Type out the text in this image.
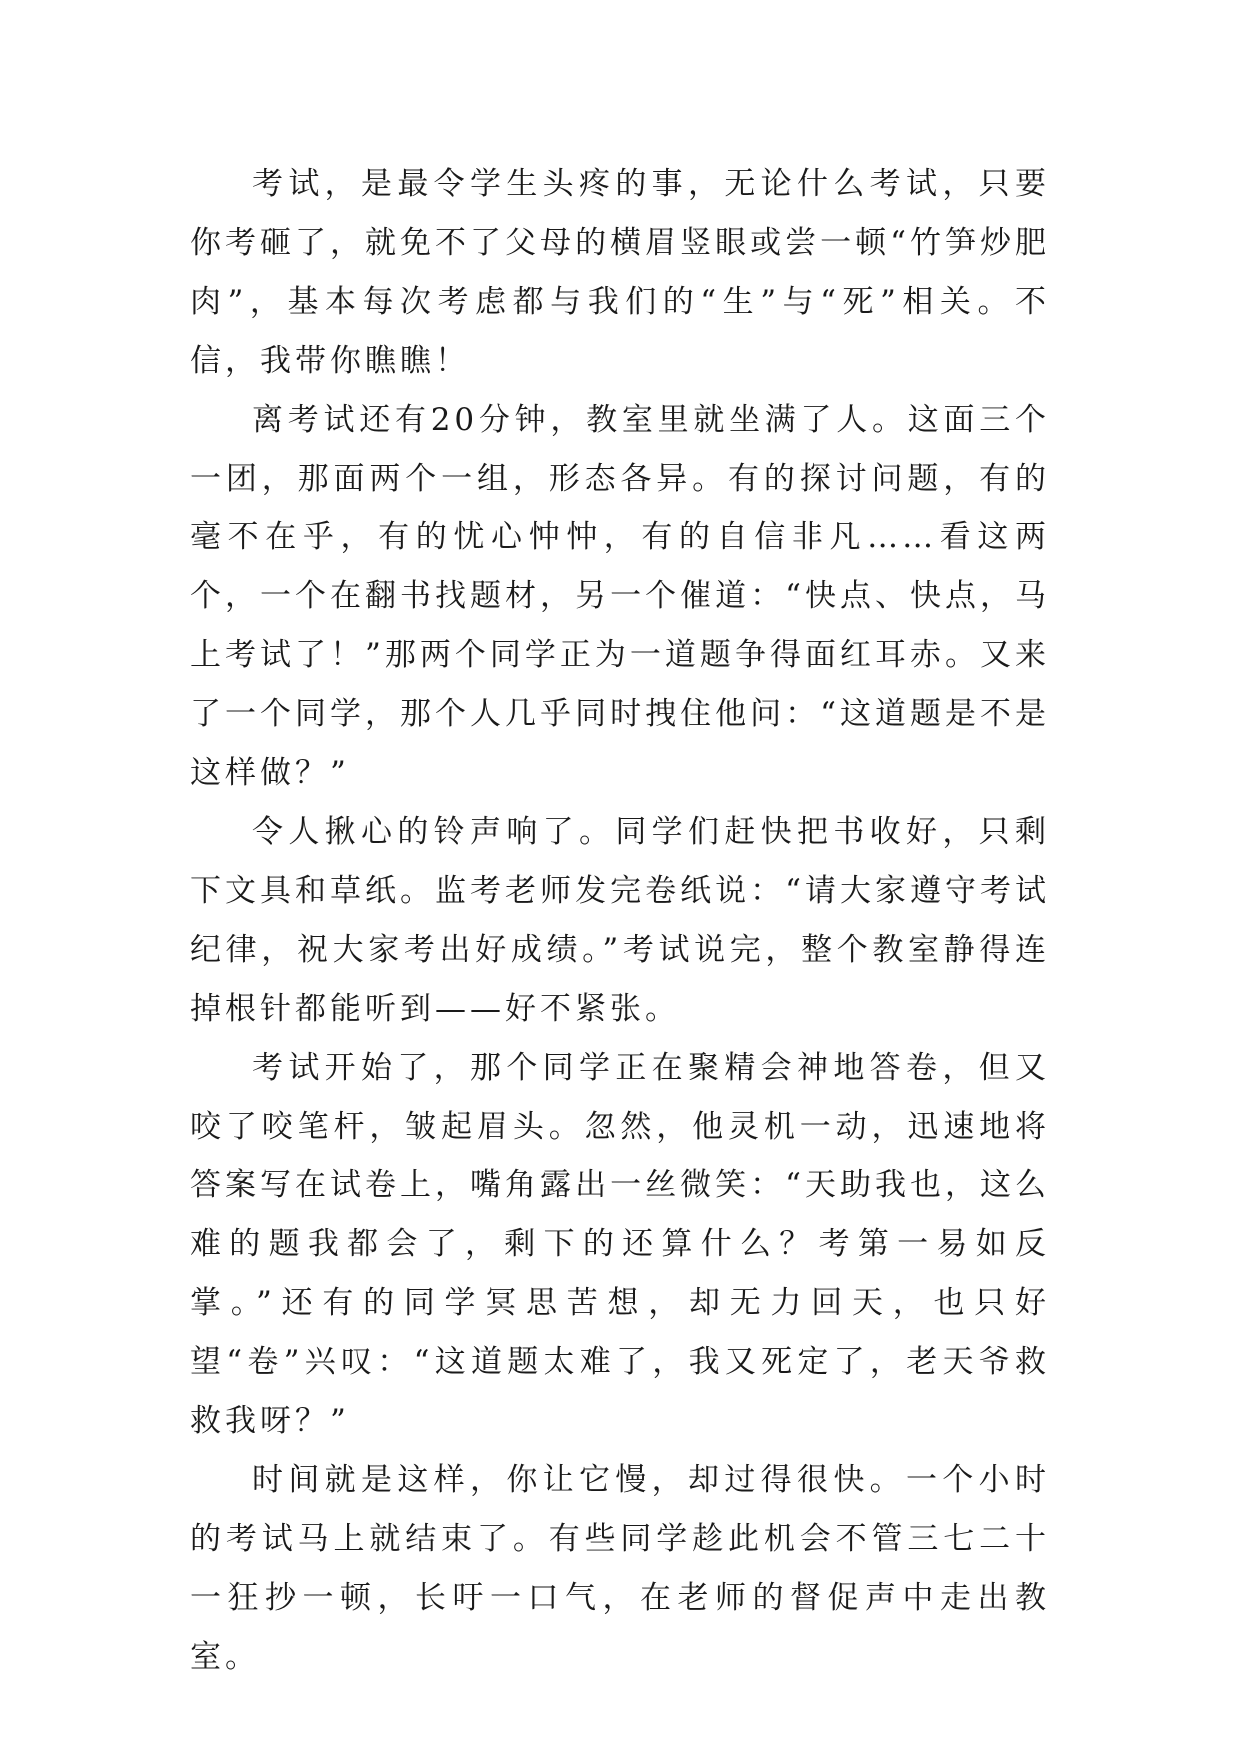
考试，是最令学生头疼的事，无论什么考试，只要你考砸了，就免不了父母的横眉竖眼或尝一顿“竹笋炒肥肉”，基本每次考虑都与我们的“生”与“死”相关。不信，我带你瞧瞧！

离考试还有20分钟，教室里就坐满了人。这面三个一团，那面两个一组，形态各异。有的探讨问题，有的毫不在乎，有的忧心忡忡，有的自信非凡……看这两个，一个在翻书找题材，另一个催道：“快点、快点，马上考试了！”那两个同学正为一道题争得面红耳赤。又来了一个同学，那个人几乎同时拽住他问：“这道题是不是这样做？”

令人揪心的铃声响了。同学们赶快把书收好，只剩下文具和草纸。监考老师发完卷纸说：“请大家遵守考试纪律，祝大家考出好成绩。”考试说完，整个教室静得连掉根针都能听到——好不紧张。

考试开始了，那个同学正在聚精会神地答卷，但又咬了咬笔杆，皱起眉头。忽然，他灵机一动，迅速地将答案写在试卷上，嘴角露出一丝微笑：“天助我也，这么难的题我都会了，剩下的还算什么？考第一易如反掌。”还有的同学冥思苦想，却无力回天，也只好望“卷”兴叹：“这道题太难了，我又死定了，老天爷救救我呀？”

时间就是这样，你让它慢，却过得很快。一个小时的考试马上就结束了。有些同学趁此机会不管三七二十一狂抄一顿，长吁一口气，在老师的督促声中走出教室。
